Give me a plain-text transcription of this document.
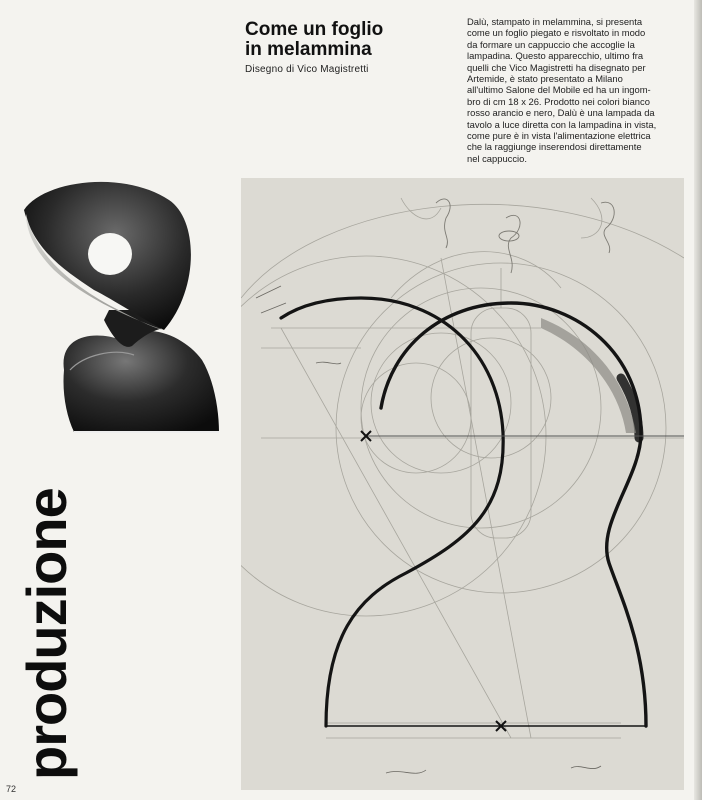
Come un foglio
in melammina
Disegno di Vico Magistretti
Dalù, stampato in melammina, si presenta
come un foglio piegato e risvoltato in modo
da formare un cappuccio che accoglie la
lampadina. Questo apparecchio, ultimo fra
quelli che Vico Magistretti ha disegnato per
Artemide, è stato presentato a Milano
all'ultimo Salone del Mobile ed ha un ingom-
bro di cm 18 x 26. Prodotto nei colori bianco
rosso arancio e nero, Dalù è una lampada da
tavolo a luce diretta con la lampadina in vista,
come pure è in vista l'alimentazione elettrica
che la raggiunge inserendosi direttamente
nel cappuccio.
produzione
72
